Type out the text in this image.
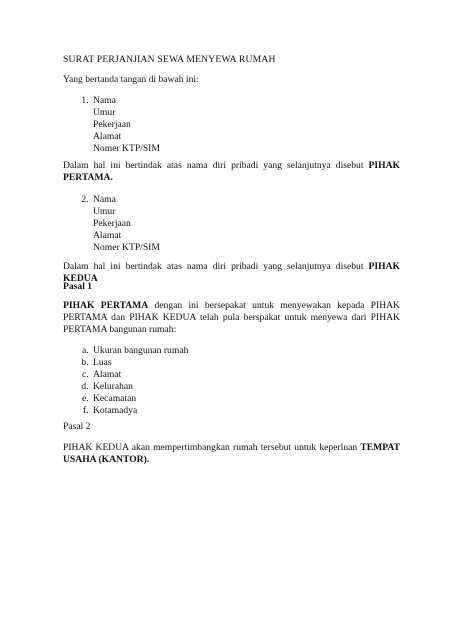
SURAT PERJANJIAN SEWA MENYEWA RUMAH
Yang bertanda tangan di bawah ini:
1. Nama
Umur
Pekerjaan
Alamat
Nomer KTP/SIM
Dalam hal ini bertindak atas nama diri pribadi yang selanjutnya disebut PIHAK PERTAMA.
2. Nama
Umur
Pekerjaan
Alamat
Nomer KTP/SIM
Dalam hal ini bertindak atas nama diri pribadi yang selanjutnya disebut PIHAK KEDUA
Pasal 1
PIHAK PERTAMA dengan ini bersepakat untuk menyewakan kepada PIHAK PERTAMA dan PIHAK KEDUA telah pula berspakat untuk menyewa dari PIHAK PERTAMA bangunan rumah:
a. Ukuran bangunan rumah
b. Luas
c. Alamat
d. Kelurahan
e. Kecamatan
f. Kotamadya
Pasal 2
PIHAK KEDUA akan mempertimbangkan rumah tersebut untuk keperluan TEMPAT USAHA (KANTOR).
